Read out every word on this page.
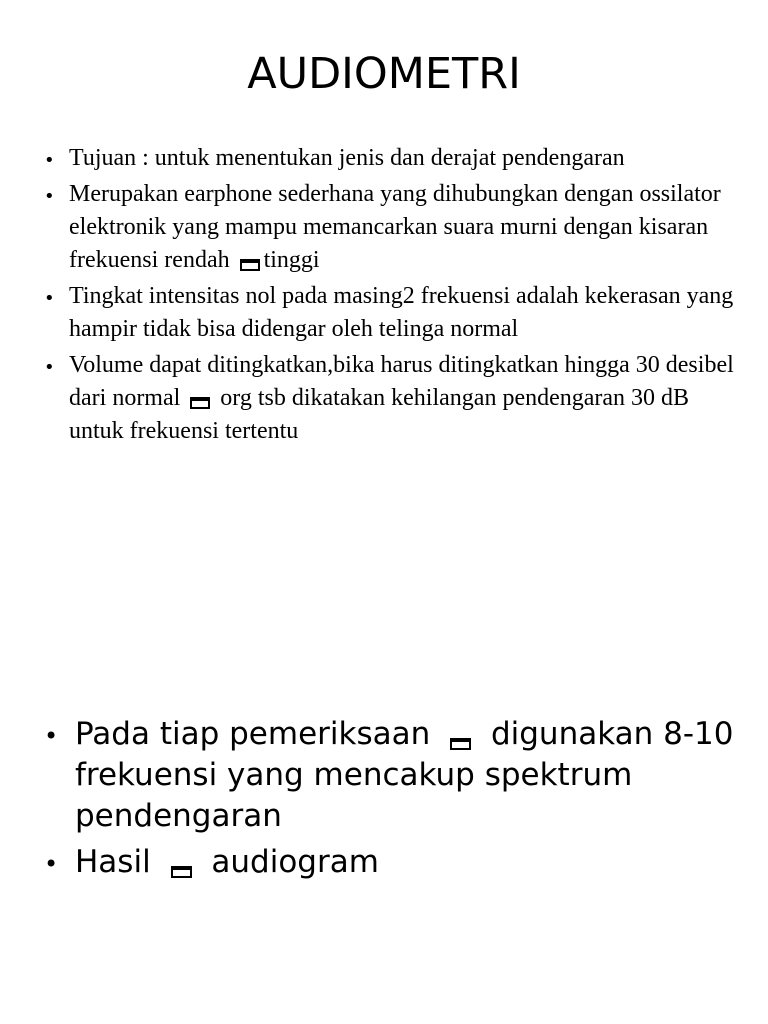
AUDIOMETRI
• Tujuan : untuk menentukan jenis dan derajat pendengaran
• Merupakan earphone sederhana yang dihubungkan dengan ossilator elektronik yang mampu memancarkan suara murni dengan kisaran frekuensi rendah tinggi
• Tingkat intensitas nol pada masing2 frekuensi adalah kekerasan yang hampir tidak bisa didengar oleh telinga normal
• Volume dapat ditingkatkan,bika harus ditingkatkan hingga 30 desibel dari normal  org tsb dikatakan kehilangan pendengaran 30 dB untuk frekuensi tertentu
• Pada tiap pemeriksaan  digunakan 8-10 frekuensi yang mencakup spektrum pendengaran
• Hasil  audiogram
